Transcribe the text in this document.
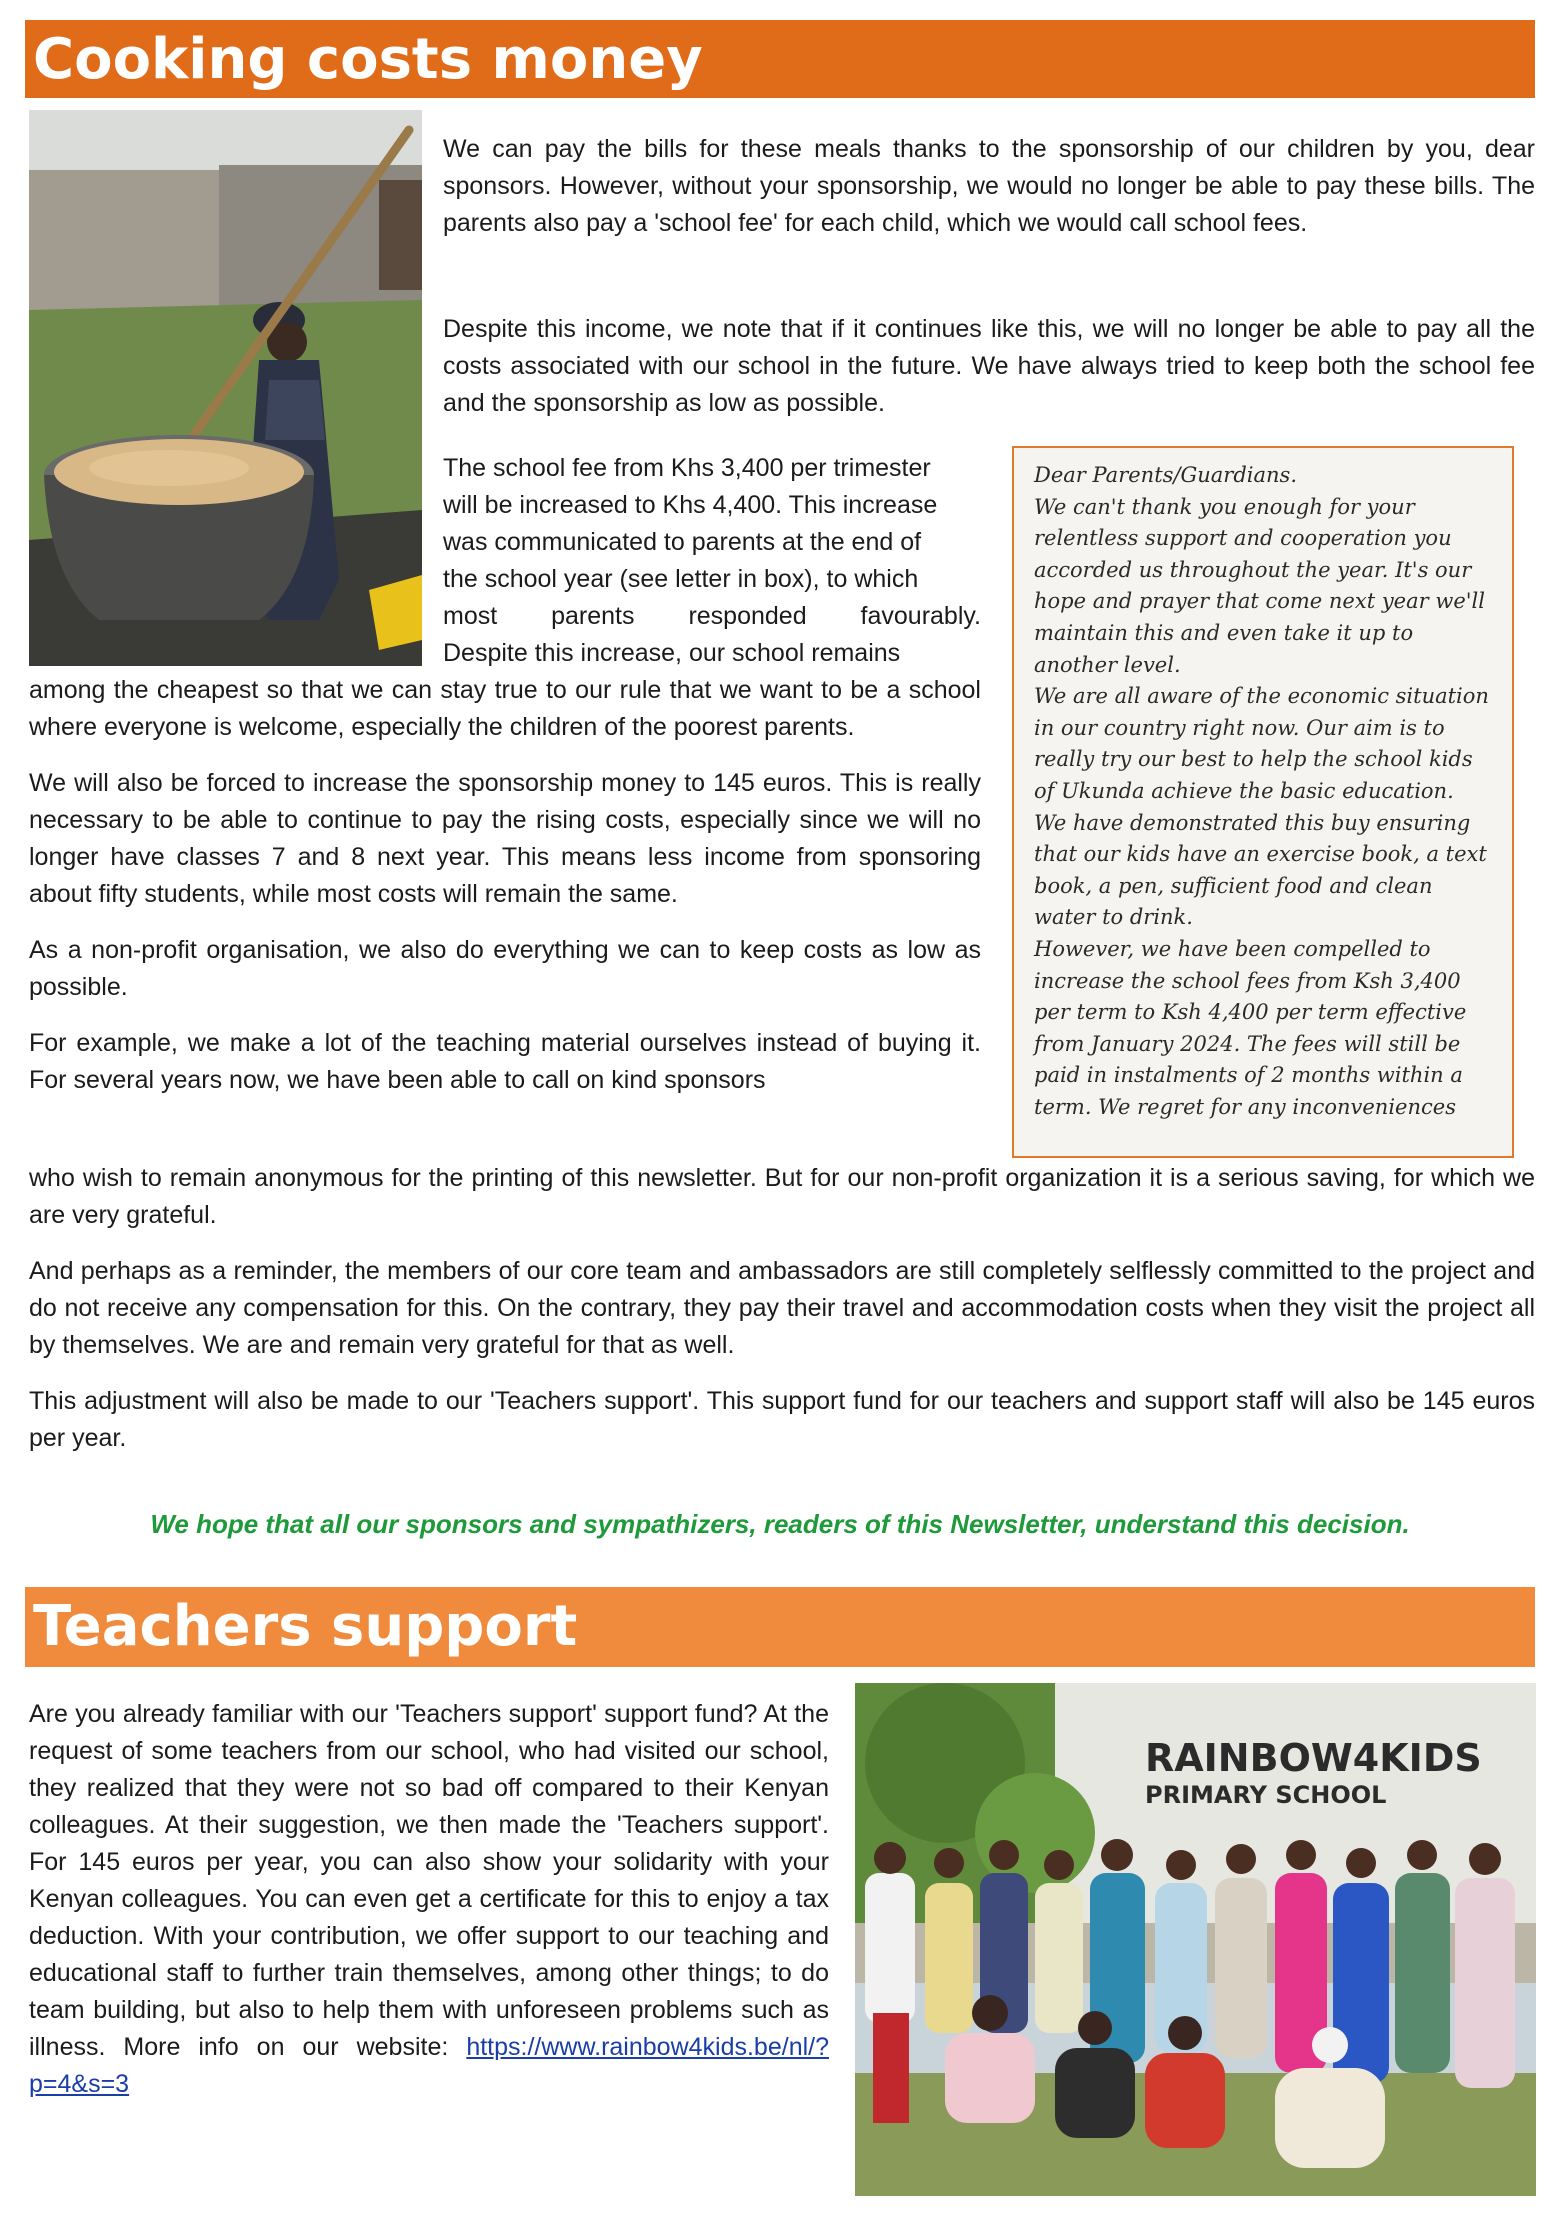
Cooking costs money

We can pay the bills for these meals thanks to the sponsorship of our children by you, dear sponsors. However, without your sponsorship, we would no longer be able to pay these bills. The parents also pay a 'school fee' for each child, which we would call school fees.

Despite this income, we note that if it continues like this, we will no longer be able to pay all the costs associated with our school in the future. We have always tried to keep both the school fee and the sponsorship as low as possible.

The school fee from Khs 3,400 per trimester
will be increased to Khs 4,400. This increase
was communicated to parents at the end of
the school year (see letter in box), to which
most parents responded favourably.
Despite this increase, our school remains

among the cheapest so that we can stay true to our rule that we want to be a school where everyone is welcome, especially the children of the poorest parents.

We will also be forced to increase the sponsorship money to 145 euros. This is really necessary to be able to continue to pay the rising costs, especially since we will no longer have classes 7 and 8 next year. This means less income from sponsoring about fifty students, while most costs will remain the same.

As a non-profit organisation, we also do everything we can to keep costs as low as possible.

For example, we make a lot of the teaching material ourselves instead of buying it. For several years now, we have been able to call on kind sponsors

who wish to remain anonymous for the printing of this newsletter. But for our non-profit organization it is a serious saving, for which we are very grateful.

And perhaps as a reminder, the members of our core team and ambassadors are still completely selflessly committed to the project and do not receive any compensation for this. On the contrary, they pay their travel and accommodation costs when they visit the project all by themselves. We are and remain very grateful for that as well.

This adjustment will also be made to our 'Teachers support'. This support fund for our teachers and support staff will also be 145 euros per year.

Dear Parents/Guardians.
We can't thank you enough for your
relentless support and cooperation you
accorded us throughout the year. It's our
hope and prayer that come next year we'll
maintain this and even take it up to
another level.
We are all aware of the economic situation
in our country right now. Our aim is to
really try our best to help the school kids
of Ukunda achieve the basic education.
We have demonstrated this buy ensuring
that our kids have an exercise book, a text
book, a pen, sufficient food and clean
water to drink.
However, we have been compelled to
increase the school fees from Ksh 3,400
per term to Ksh 4,400 per term effective
from January 2024. The fees will still be
paid in instalments of 2 months within a
term. We regret for any inconveniences
We hope that all our sponsors and sympathizers, readers of this Newsletter, understand this decision.
Teachers support

Are you already familiar with our 'Teachers support' support fund? At the request of some teachers from our school, who had visited our school, they realized that they were not so bad off compared to their Kenyan colleagues. At their suggestion, we then made the 'Teachers support'. For 145 euros per year, you can also show your solidarity with your Kenyan colleagues. You can even get a certificate for this to enjoy a tax deduction. With your contribution, we offer support to our teaching and educational staff to further train themselves, among other things; to do team building, but also to help them with unforeseen problems such as illness. More info on our website: https://www.rainbow4kids.be/nl/?p=4&s=3

RAINBOW4KIDS
PRIMARY SCHOOL
